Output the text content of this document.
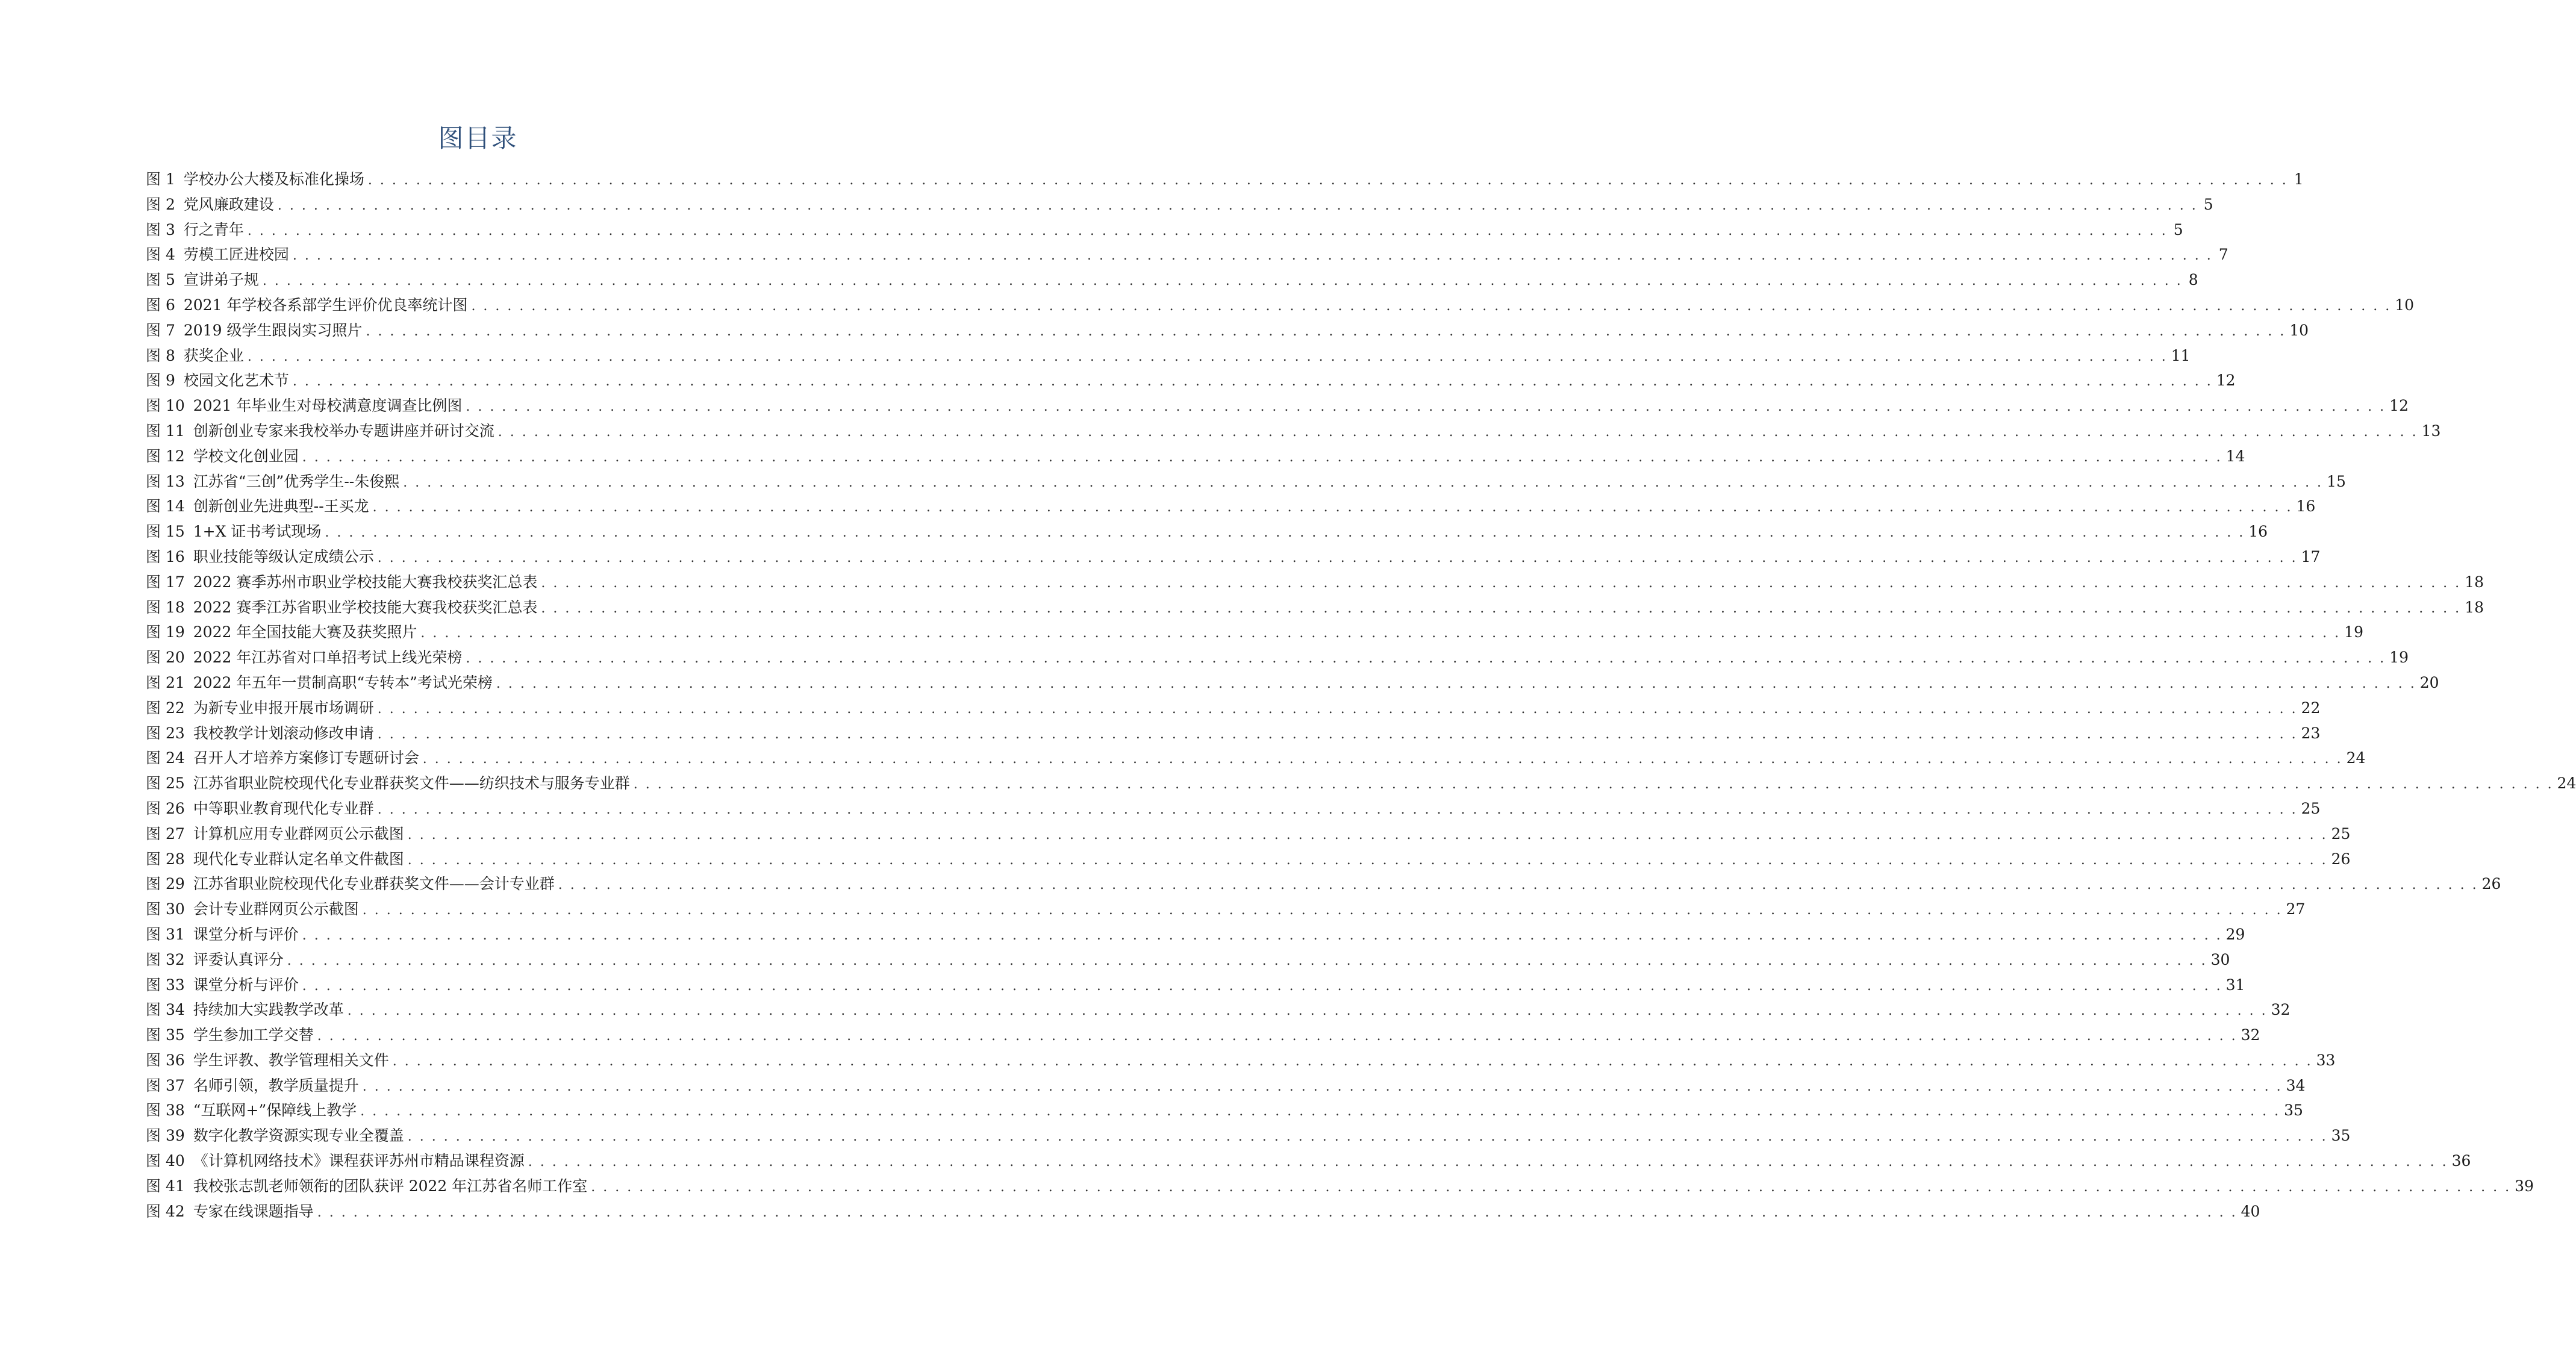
图目录
图 1 学校办公大楼及标准化操场 . . . . . . . . . . . . . . . . . . . . . . . . . . . . . . . . . . . . . . . . . . . . . . . . . . . . . . . . . . . . . . . . . . . . . . . . . . . . . . . . . . . . . . . . . . . . . . . . . . . . . . . . . . . . . . . . . . . . . . . . . . . . . . . . . . . . . . . . . . . . . . . . . . . . . . . . . . . . . . . . 1
图 2 党风廉政建设 . . . . . . . . . . . . . . . . . . . . . . . . . . . . . . . . . . . . . . . . . . . . . . . . . . . . . . . . . . . . . . . . . . . . . . . . . . . . . . . . . . . . . . . . . . . . . . . . . . . . . . . . . . . . . . . . . . . . . . . . . . . . . . . . . . . . . . . . . . . . . . . . . . . . . . . . . . . . . . . . 5
图 3 行之青年 . . . . . . . . . . . . . . . . . . . . . . . . . . . . . . . . . . . . . . . . . . . . . . . . . . . . . . . . . . . . . . . . . . . . . . . . . . . . . . . . . . . . . . . . . . . . . . . . . . . . . . . . . . . . . . . . . . . . . . . . . . . . . . . . . . . . . . . . . . . . . . . . . . . . . . . . . . . . . . . . 5
图 4 劳模工匠进校园 . . . . . . . . . . . . . . . . . . . . . . . . . . . . . . . . . . . . . . . . . . . . . . . . . . . . . . . . . . . . . . . . . . . . . . . . . . . . . . . . . . . . . . . . . . . . . . . . . . . . . . . . . . . . . . . . . . . . . . . . . . . . . . . . . . . . . . . . . . . . . . . . . . . . . . . . . . . . . . . . 7
图 5 宣讲弟子规 . . . . . . . . . . . . . . . . . . . . . . . . . . . . . . . . . . . . . . . . . . . . . . . . . . . . . . . . . . . . . . . . . . . . . . . . . . . . . . . . . . . . . . . . . . . . . . . . . . . . . . . . . . . . . . . . . . . . . . . . . . . . . . . . . . . . . . . . . . . . . . . . . . . . . . . . . . . . . . . . 8
图 6 2021 年学校各系部学生评价优良率统计图 . . . . . . . . . . . . . . . . . . . . . . . . . . . . . . . . . . . . . . . . . . . . . . . . . . . . . . . . . . . . . . . . . . . . . . . . . . . . . . . . . . . . . . . . . . . . . . . . . . . . . . . . . . . . . . . . . . . . . . . . . . . . . . . . . . . . . . . . . . . . . . . . . . . . . . . . . . . . . . . . 10
图 7 2019 级学生跟岗实习照片 . . . . . . . . . . . . . . . . . . . . . . . . . . . . . . . . . . . . . . . . . . . . . . . . . . . . . . . . . . . . . . . . . . . . . . . . . . . . . . . . . . . . . . . . . . . . . . . . . . . . . . . . . . . . . . . . . . . . . . . . . . . . . . . . . . . . . . . . . . . . . . . . . . . . . . . . . . . . . . . . 10
图 8 获奖企业 . . . . . . . . . . . . . . . . . . . . . . . . . . . . . . . . . . . . . . . . . . . . . . . . . . . . . . . . . . . . . . . . . . . . . . . . . . . . . . . . . . . . . . . . . . . . . . . . . . . . . . . . . . . . . . . . . . . . . . . . . . . . . . . . . . . . . . . . . . . . . . . . . . . . . . . . . . . . . . . . 11
图 9 校园文化艺术节 . . . . . . . . . . . . . . . . . . . . . . . . . . . . . . . . . . . . . . . . . . . . . . . . . . . . . . . . . . . . . . . . . . . . . . . . . . . . . . . . . . . . . . . . . . . . . . . . . . . . . . . . . . . . . . . . . . . . . . . . . . . . . . . . . . . . . . . . . . . . . . . . . . . . . . . . . . . . . . . . 12
图 10 2021 年毕业生对母校满意度调查比例图 . . . . . . . . . . . . . . . . . . . . . . . . . . . . . . . . . . . . . . . . . . . . . . . . . . . . . . . . . . . . . . . . . . . . . . . . . . . . . . . . . . . . . . . . . . . . . . . . . . . . . . . . . . . . . . . . . . . . . . . . . . . . . . . . . . . . . . . . . . . . . . . . . . . . . . . . . . . . . . . . 12
图 11 创新创业专家来我校举办专题讲座并研讨交流 . . . . . . . . . . . . . . . . . . . . . . . . . . . . . . . . . . . . . . . . . . . . . . . . . . . . . . . . . . . . . . . . . . . . . . . . . . . . . . . . . . . . . . . . . . . . . . . . . . . . . . . . . . . . . . . . . . . . . . . . . . . . . . . . . . . . . . . . . . . . . . . . . . . . . . . . . . . . . . . . 13
图 12 学校文化创业园 . . . . . . . . . . . . . . . . . . . . . . . . . . . . . . . . . . . . . . . . . . . . . . . . . . . . . . . . . . . . . . . . . . . . . . . . . . . . . . . . . . . . . . . . . . . . . . . . . . . . . . . . . . . . . . . . . . . . . . . . . . . . . . . . . . . . . . . . . . . . . . . . . . . . . . . . . . . . . . . . 14
图 13 江苏省“三创”优秀学生--朱俊熙 . . . . . . . . . . . . . . . . . . . . . . . . . . . . . . . . . . . . . . . . . . . . . . . . . . . . . . . . . . . . . . . . . . . . . . . . . . . . . . . . . . . . . . . . . . . . . . . . . . . . . . . . . . . . . . . . . . . . . . . . . . . . . . . . . . . . . . . . . . . . . . . . . . . . . . . . . . . . . . . . 15
图 14 创新创业先进典型--王买龙 . . . . . . . . . . . . . . . . . . . . . . . . . . . . . . . . . . . . . . . . . . . . . . . . . . . . . . . . . . . . . . . . . . . . . . . . . . . . . . . . . . . . . . . . . . . . . . . . . . . . . . . . . . . . . . . . . . . . . . . . . . . . . . . . . . . . . . . . . . . . . . . . . . . . . . . . . . . . . . . . 16
图 15 1+X 证书考试现场 . . . . . . . . . . . . . . . . . . . . . . . . . . . . . . . . . . . . . . . . . . . . . . . . . . . . . . . . . . . . . . . . . . . . . . . . . . . . . . . . . . . . . . . . . . . . . . . . . . . . . . . . . . . . . . . . . . . . . . . . . . . . . . . . . . . . . . . . . . . . . . . . . . . . . . . . . . . . . . . . 16
图 16 职业技能等级认定成绩公示 . . . . . . . . . . . . . . . . . . . . . . . . . . . . . . . . . . . . . . . . . . . . . . . . . . . . . . . . . . . . . . . . . . . . . . . . . . . . . . . . . . . . . . . . . . . . . . . . . . . . . . . . . . . . . . . . . . . . . . . . . . . . . . . . . . . . . . . . . . . . . . . . . . . . . . . . . . . . . . . . 17
图 17 2022 赛季苏州市职业学校技能大赛我校获奖汇总表 . . . . . . . . . . . . . . . . . . . . . . . . . . . . . . . . . . . . . . . . . . . . . . . . . . . . . . . . . . . . . . . . . . . . . . . . . . . . . . . . . . . . . . . . . . . . . . . . . . . . . . . . . . . . . . . . . . . . . . . . . . . . . . . . . . . . . . . . . . . . . . . . . . . . . . . . . . . . . . . . 18
图 18 2022 赛季江苏省职业学校技能大赛我校获奖汇总表 . . . . . . . . . . . . . . . . . . . . . . . . . . . . . . . . . . . . . . . . . . . . . . . . . . . . . . . . . . . . . . . . . . . . . . . . . . . . . . . . . . . . . . . . . . . . . . . . . . . . . . . . . . . . . . . . . . . . . . . . . . . . . . . . . . . . . . . . . . . . . . . . . . . . . . . . . . . . . . . . 18
图 19 2022 年全国技能大赛及获奖照片 . . . . . . . . . . . . . . . . . . . . . . . . . . . . . . . . . . . . . . . . . . . . . . . . . . . . . . . . . . . . . . . . . . . . . . . . . . . . . . . . . . . . . . . . . . . . . . . . . . . . . . . . . . . . . . . . . . . . . . . . . . . . . . . . . . . . . . . . . . . . . . . . . . . . . . . . . . . . . . . . 19
图 20 2022 年江苏省对口单招考试上线光荣榜 . . . . . . . . . . . . . . . . . . . . . . . . . . . . . . . . . . . . . . . . . . . . . . . . . . . . . . . . . . . . . . . . . . . . . . . . . . . . . . . . . . . . . . . . . . . . . . . . . . . . . . . . . . . . . . . . . . . . . . . . . . . . . . . . . . . . . . . . . . . . . . . . . . . . . . . . . . . . . . . . 19
图 21 2022 年五年一贯制高职“专转本”考试光荣榜 . . . . . . . . . . . . . . . . . . . . . . . . . . . . . . . . . . . . . . . . . . . . . . . . . . . . . . . . . . . . . . . . . . . . . . . . . . . . . . . . . . . . . . . . . . . . . . . . . . . . . . . . . . . . . . . . . . . . . . . . . . . . . . . . . . . . . . . . . . . . . . . . . . . . . . . . . . . . . . . . 20
图 22 为新专业申报开展市场调研 . . . . . . . . . . . . . . . . . . . . . . . . . . . . . . . . . . . . . . . . . . . . . . . . . . . . . . . . . . . . . . . . . . . . . . . . . . . . . . . . . . . . . . . . . . . . . . . . . . . . . . . . . . . . . . . . . . . . . . . . . . . . . . . . . . . . . . . . . . . . . . . . . . . . . . . . . . . . . . . . 22
图 23 我校教学计划滚动修改申请 . . . . . . . . . . . . . . . . . . . . . . . . . . . . . . . . . . . . . . . . . . . . . . . . . . . . . . . . . . . . . . . . . . . . . . . . . . . . . . . . . . . . . . . . . . . . . . . . . . . . . . . . . . . . . . . . . . . . . . . . . . . . . . . . . . . . . . . . . . . . . . . . . . . . . . . . . . . . . . . . 23
图 24 召开人才培养方案修订专题研讨会 . . . . . . . . . . . . . . . . . . . . . . . . . . . . . . . . . . . . . . . . . . . . . . . . . . . . . . . . . . . . . . . . . . . . . . . . . . . . . . . . . . . . . . . . . . . . . . . . . . . . . . . . . . . . . . . . . . . . . . . . . . . . . . . . . . . . . . . . . . . . . . . . . . . . . . . . . . . . . . . . 24
图 25 江苏省职业院校现代化专业群获奖文件——纺织技术与服务专业群 . . . . . . . . . . . . . . . . . . . . . . . . . . . . . . . . . . . . . . . . . . . . . . . . . . . . . . . . . . . . . . . . . . . . . . . . . . . . . . . . . . . . . . . . . . . . . . . . . . . . . . . . . . . . . . . . . . . . . . . . . . . . . . . . . . . . . . . . . . . . . . . . . . . . . . . . . . . . . . . . 24
图 26 中等职业教育现代化专业群 . . . . . . . . . . . . . . . . . . . . . . . . . . . . . . . . . . . . . . . . . . . . . . . . . . . . . . . . . . . . . . . . . . . . . . . . . . . . . . . . . . . . . . . . . . . . . . . . . . . . . . . . . . . . . . . . . . . . . . . . . . . . . . . . . . . . . . . . . . . . . . . . . . . . . . . . . . . . . . . . 25
图 27 计算机应用专业群网页公示截图 . . . . . . . . . . . . . . . . . . . . . . . . . . . . . . . . . . . . . . . . . . . . . . . . . . . . . . . . . . . . . . . . . . . . . . . . . . . . . . . . . . . . . . . . . . . . . . . . . . . . . . . . . . . . . . . . . . . . . . . . . . . . . . . . . . . . . . . . . . . . . . . . . . . . . . . . . . . . . . . . 25
图 28 现代化专业群认定名单文件截图 . . . . . . . . . . . . . . . . . . . . . . . . . . . . . . . . . . . . . . . . . . . . . . . . . . . . . . . . . . . . . . . . . . . . . . . . . . . . . . . . . . . . . . . . . . . . . . . . . . . . . . . . . . . . . . . . . . . . . . . . . . . . . . . . . . . . . . . . . . . . . . . . . . . . . . . . . . . . . . . . 26
图 29 江苏省职业院校现代化专业群获奖文件——会计专业群 . . . . . . . . . . . . . . . . . . . . . . . . . . . . . . . . . . . . . . . . . . . . . . . . . . . . . . . . . . . . . . . . . . . . . . . . . . . . . . . . . . . . . . . . . . . . . . . . . . . . . . . . . . . . . . . . . . . . . . . . . . . . . . . . . . . . . . . . . . . . . . . . . . . . . . . . . . . . . . . . 26
图 30 会计专业群网页公示截图 . . . . . . . . . . . . . . . . . . . . . . . . . . . . . . . . . . . . . . . . . . . . . . . . . . . . . . . . . . . . . . . . . . . . . . . . . . . . . . . . . . . . . . . . . . . . . . . . . . . . . . . . . . . . . . . . . . . . . . . . . . . . . . . . . . . . . . . . . . . . . . . . . . . . . . . . . . . . . . . . 27
图 31 课堂分析与评价 . . . . . . . . . . . . . . . . . . . . . . . . . . . . . . . . . . . . . . . . . . . . . . . . . . . . . . . . . . . . . . . . . . . . . . . . . . . . . . . . . . . . . . . . . . . . . . . . . . . . . . . . . . . . . . . . . . . . . . . . . . . . . . . . . . . . . . . . . . . . . . . . . . . . . . . . . . . . . . . . 29
图 32 评委认真评分 . . . . . . . . . . . . . . . . . . . . . . . . . . . . . . . . . . . . . . . . . . . . . . . . . . . . . . . . . . . . . . . . . . . . . . . . . . . . . . . . . . . . . . . . . . . . . . . . . . . . . . . . . . . . . . . . . . . . . . . . . . . . . . . . . . . . . . . . . . . . . . . . . . . . . . . . . . . . . . . . 30
图 33 课堂分析与评价 . . . . . . . . . . . . . . . . . . . . . . . . . . . . . . . . . . . . . . . . . . . . . . . . . . . . . . . . . . . . . . . . . . . . . . . . . . . . . . . . . . . . . . . . . . . . . . . . . . . . . . . . . . . . . . . . . . . . . . . . . . . . . . . . . . . . . . . . . . . . . . . . . . . . . . . . . . . . . . . . 31
图 34 持续加大实践教学改革 . . . . . . . . . . . . . . . . . . . . . . . . . . . . . . . . . . . . . . . . . . . . . . . . . . . . . . . . . . . . . . . . . . . . . . . . . . . . . . . . . . . . . . . . . . . . . . . . . . . . . . . . . . . . . . . . . . . . . . . . . . . . . . . . . . . . . . . . . . . . . . . . . . . . . . . . . . . . . . . . 32
图 35 学生参加工学交替 . . . . . . . . . . . . . . . . . . . . . . . . . . . . . . . . . . . . . . . . . . . . . . . . . . . . . . . . . . . . . . . . . . . . . . . . . . . . . . . . . . . . . . . . . . . . . . . . . . . . . . . . . . . . . . . . . . . . . . . . . . . . . . . . . . . . . . . . . . . . . . . . . . . . . . . . . . . . . . . . 32
图 36 学生评教、教学管理相关文件 . . . . . . . . . . . . . . . . . . . . . . . . . . . . . . . . . . . . . . . . . . . . . . . . . . . . . . . . . . . . . . . . . . . . . . . . . . . . . . . . . . . . . . . . . . . . . . . . . . . . . . . . . . . . . . . . . . . . . . . . . . . . . . . . . . . . . . . . . . . . . . . . . . . . . . . . . . . . . . . . 33
图 37 名师引领，教学质量提升 . . . . . . . . . . . . . . . . . . . . . . . . . . . . . . . . . . . . . . . . . . . . . . . . . . . . . . . . . . . . . . . . . . . . . . . . . . . . . . . . . . . . . . . . . . . . . . . . . . . . . . . . . . . . . . . . . . . . . . . . . . . . . . . . . . . . . . . . . . . . . . . . . . . . . . . . . . . . . . . . 34
图 38 “互联网+”保障线上教学 . . . . . . . . . . . . . . . . . . . . . . . . . . . . . . . . . . . . . . . . . . . . . . . . . . . . . . . . . . . . . . . . . . . . . . . . . . . . . . . . . . . . . . . . . . . . . . . . . . . . . . . . . . . . . . . . . . . . . . . . . . . . . . . . . . . . . . . . . . . . . . . . . . . . . . . . . . . . . . . . 35
图 39 数字化教学资源实现专业全覆盖 . . . . . . . . . . . . . . . . . . . . . . . . . . . . . . . . . . . . . . . . . . . . . . . . . . . . . . . . . . . . . . . . . . . . . . . . . . . . . . . . . . . . . . . . . . . . . . . . . . . . . . . . . . . . . . . . . . . . . . . . . . . . . . . . . . . . . . . . . . . . . . . . . . . . . . . . . . . . . . . . 35
图 40 《计算机网络技术》课程获评苏州市精品课程资源 . . . . . . . . . . . . . . . . . . . . . . . . . . . . . . . . . . . . . . . . . . . . . . . . . . . . . . . . . . . . . . . . . . . . . . . . . . . . . . . . . . . . . . . . . . . . . . . . . . . . . . . . . . . . . . . . . . . . . . . . . . . . . . . . . . . . . . . . . . . . . . . . . . . . . . . . . . . . . . . . 36
图 41 我校张志凯老师领衔的团队获评 2022 年江苏省名师工作室 . . . . . . . . . . . . . . . . . . . . . . . . . . . . . . . . . . . . . . . . . . . . . . . . . . . . . . . . . . . . . . . . . . . . . . . . . . . . . . . . . . . . . . . . . . . . . . . . . . . . . . . . . . . . . . . . . . . . . . . . . . . . . . . . . . . . . . . . . . . . . . . . . . . . . . . . . . . . . . . . 39
图 42 专家在线课题指导 . . . . . . . . . . . . . . . . . . . . . . . . . . . . . . . . . . . . . . . . . . . . . . . . . . . . . . . . . . . . . . . . . . . . . . . . . . . . . . . . . . . . . . . . . . . . . . . . . . . . . . . . . . . . . . . . . . . . . . . . . . . . . . . . . . . . . . . . . . . . . . . . . . . . . . . . . . . . . . . . 40
